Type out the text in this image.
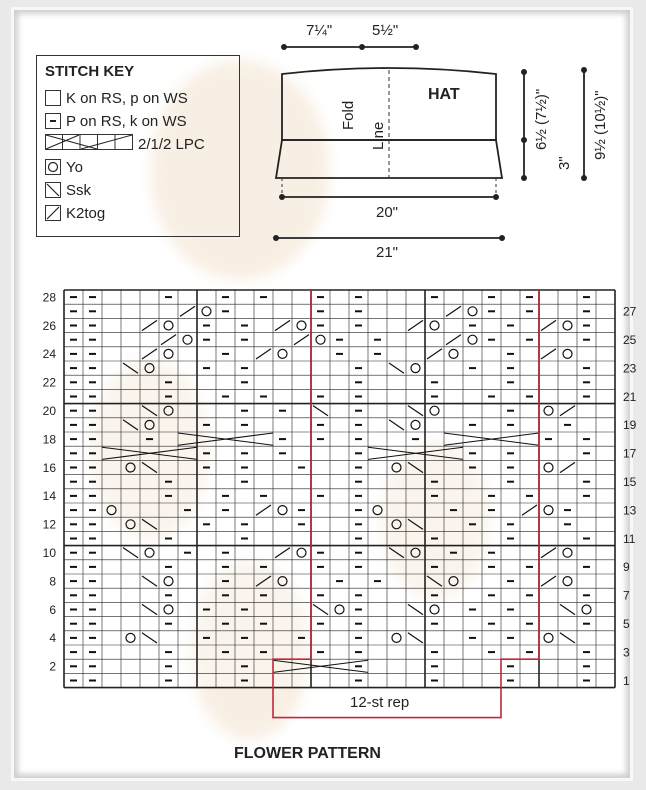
STITCH KEY
K on RS, p on WS
P on RS, k on WS
2/1/2 LPC
Yo
Ssk
K2tog
7¼"	5½"
HAT
Fold
Line
20"
21"
6½ (7½)"
3"
9½ (10½)"
28
26
24
22
20
18
16
14
12
10
8
6
4
2
27
25
23
21
19
17
15
13
11
9
7
5
3
1
12-st rep
FLOWER PATTERN
